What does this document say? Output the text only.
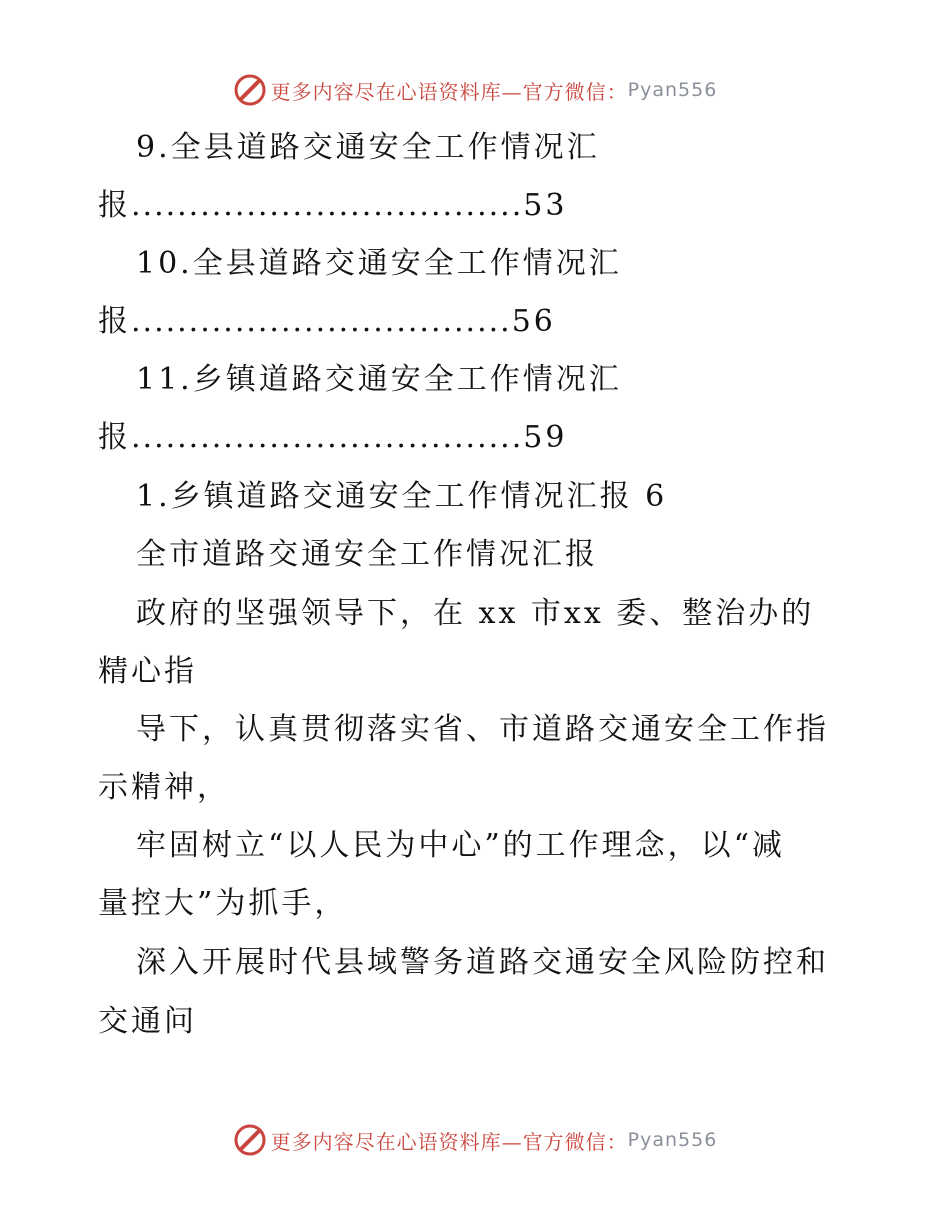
更多内容尽在心语资料库—官方微信： Pyan556
9.全县道路交通安全工作情况汇
报..................................53
10.全县道路交通安全工作情况汇
报.................................56
11.乡镇道路交通安全工作情况汇
报..................................59
1.乡镇道路交通安全工作情况汇报 6
全市道路交通安全工作情况汇报
政府的坚强领导下，在 xx 市xx 委、整治办的
精心指
导下，认真贯彻落实省、市道路交通安全工作指
示精神，
牢固树立“以人民为中心”的工作理念，以“减
量控大”为抓手，
深入开展时代县域警务道路交通安全风险防控和
交通问
更多内容尽在心语资料库—官方微信： Pyan556
